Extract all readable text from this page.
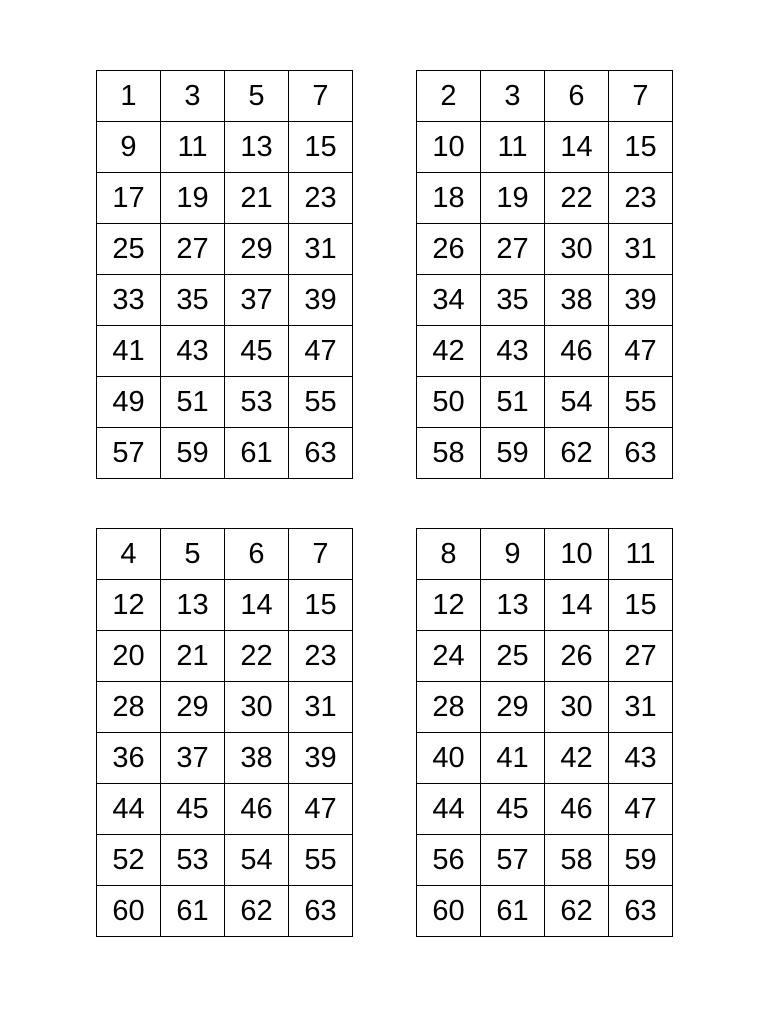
1	3	5	7
9	11	13	15
17	19	21	23
25	27	29	31
33	35	37	39
41	43	45	47
49	51	53	55
57	59	61	63
2	3	6	7
10	11	14	15
18	19	22	23
26	27	30	31
34	35	38	39
42	43	46	47
50	51	54	55
58	59	62	63
4	5	6	7
12	13	14	15
20	21	22	23
28	29	30	31
36	37	38	39
44	45	46	47
52	53	54	55
60	61	62	63
8	9	10	11
12	13	14	15
24	25	26	27
28	29	30	31
40	41	42	43
44	45	46	47
56	57	58	59
60	61	62	63
